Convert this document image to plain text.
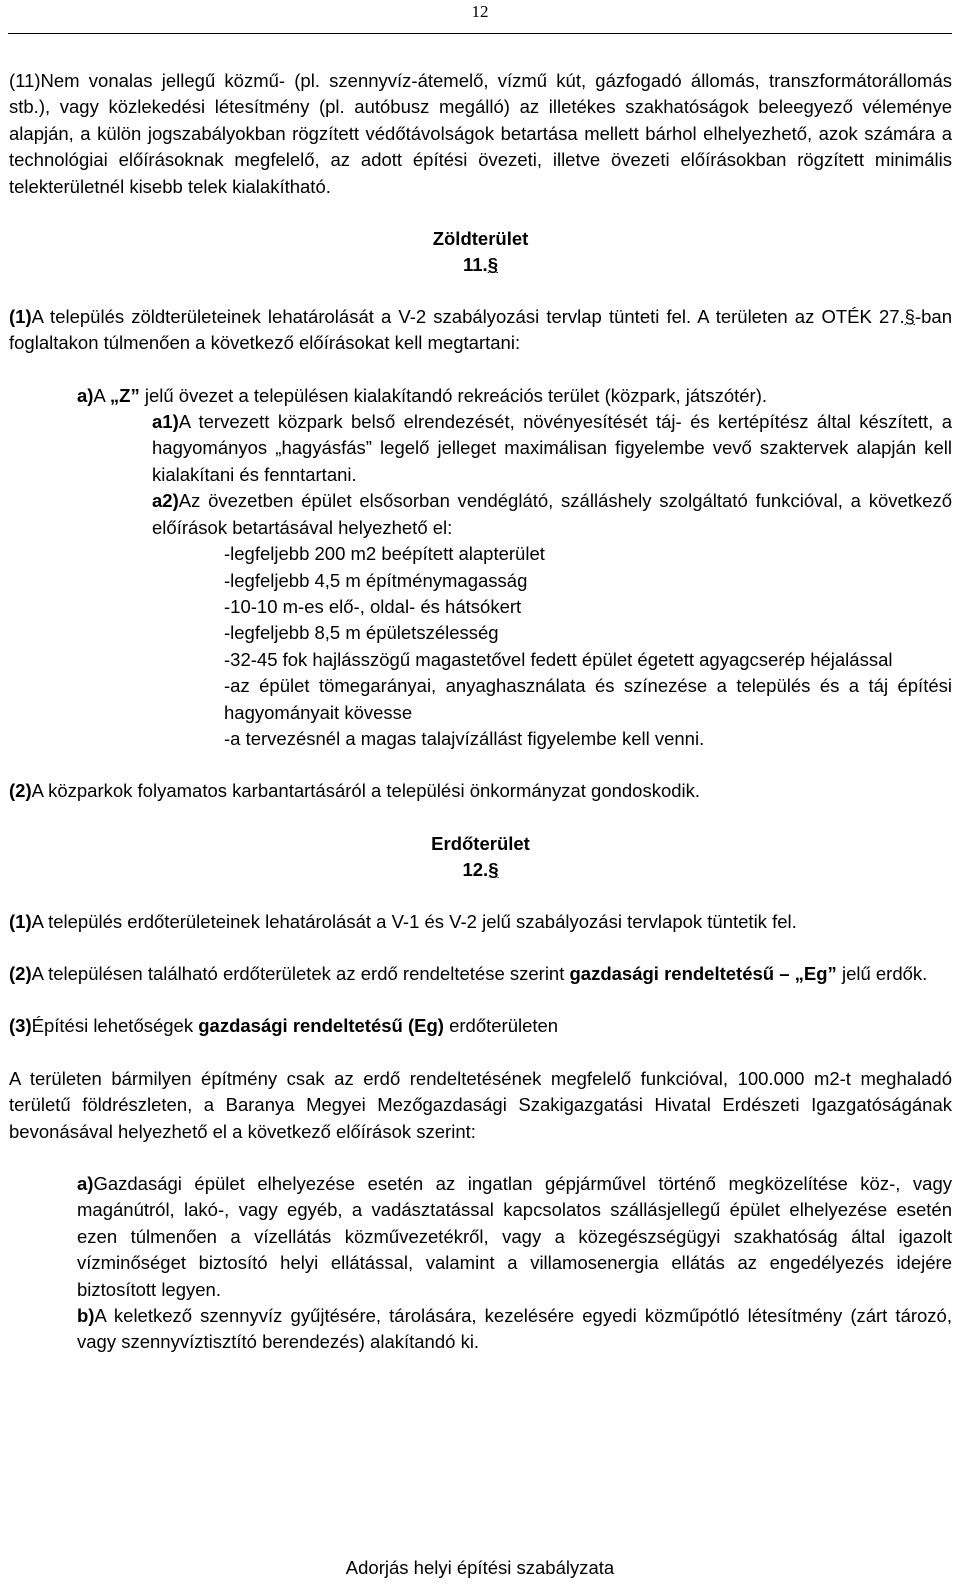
12

(11)Nem vonalas jellegű közmű- (pl. szennyvíz-átemelő, vízmű kút, gázfogadó állomás, transzformátorállomás stb.), vagy közlekedési létesítmény (pl. autóbusz megálló) az illetékes szakhatóságok beleegyező véleménye alapján, a külön jogszabályokban rögzített védőtávolságok betartása mellett bárhol elhelyezhető, azok számára a technológiai előírásoknak megfelelő, az adott építési övezeti, illetve övezeti előírásokban rögzített minimális telekterületnél kisebb telek kialakítható.

Zöldterület

11.§

(1)A település zöldterületeinek lehatárolását a V-2 szabályozási tervlap tünteti fel. A területen az OTÉK 27.§-ban foglaltakon túlmenően a következő előírásokat kell megtartani:

a)A „Z” jelű övezet a településen kialakítandó rekreációs terület (közpark, játszótér).

a1)A tervezett közpark belső elrendezését, növényesítését táj- és kertépítész által készített, a hagyományos „hagyásfás” legelő jelleget maximálisan figyelembe vevő szaktervek alapján kell kialakítani és fenntartani.

a2)Az övezetben épület elsősorban vendéglátó, szálláshely szolgáltató funkcióval, a következő előírások betartásával helyezhető el:

-legfeljebb 200 m2 beépített alapterület

-legfeljebb 4,5 m építménymagasság

-10-10 m-es elő-, oldal- és hátsókert

-legfeljebb 8,5 m épületszélesség

-32-45 fok hajlásszögű magastetővel fedett épület égetett agyagcserép héjalással

-az épület tömegarányai, anyaghasználata és színezése a település és a táj építési hagyományait kövesse

-a tervezésnél a magas talajvízállást figyelembe kell venni.

(2)A közparkok folyamatos karbantartásáról a települési önkormányzat gondoskodik.

Erdőterület

12.§

(1)A település erdőterületeinek lehatárolását a V-1 és V-2 jelű szabályozási tervlapok tüntetik fel.

(2)A településen található erdőterületek az erdő rendeltetése szerint gazdasági rendeltetésű – „Eg” jelű erdők.

(3)Építési lehetőségek gazdasági rendeltetésű (Eg) erdőterületen

A területen bármilyen építmény csak az erdő rendeltetésének megfelelő funkcióval, 100.000 m2-t meghaladó területű földrészleten, a Baranya Megyei Mezőgazdasági Szakigazgatási Hivatal Erdészeti Igazgatóságának bevonásával helyezhető el a következő előírások szerint:

a)Gazdasági épület elhelyezése esetén az ingatlan gépjárművel történő megközelítése köz-, vagy magánútról, lakó-, vagy egyéb, a vadásztatással kapcsolatos szállásjellegű épület elhelyezése esetén ezen túlmenően a vízellátás közművezetékről, vagy a közegészségügyi szakhatóság által igazolt vízminőséget biztosító helyi ellátással, valamint a villamosenergia ellátás az engedélyezés idejére biztosított legyen.

b)A keletkező szennyvíz gyűjtésére, tárolására, kezelésére egyedi közműpótló létesítmény (zárt tározó, vagy szennyvíztisztító berendezés) alakítandó ki.

Adorjás helyi építési szabályzata
